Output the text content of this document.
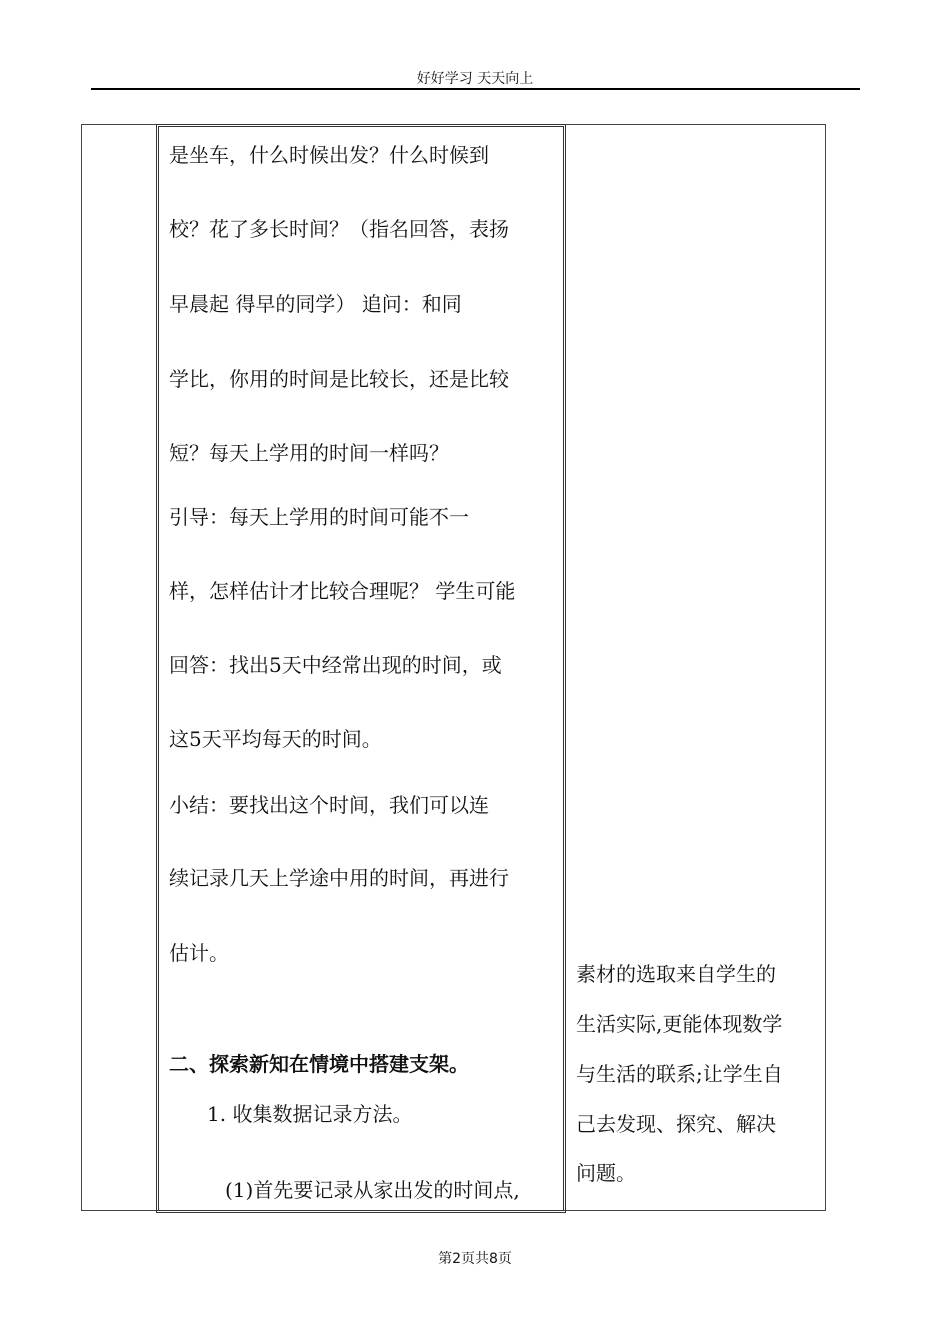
好好学习 天天向上
是坐车，什么时候出发？什么时候到
校？花了多长时间？（指名回答，表扬
早晨起 得早的同学） 追问：和同
学比，你用的时间是比较长，还是比较
短？每天上学用的时间一样吗？
引导：每天上学用的时间可能不一
样，怎样估计才比较合理呢？ 学生可能
回答：找出5天中经常出现的时间，或
这5天平均每天的时间。
小结：要找出这个时间，我们可以连
续记录几天上学途中用的时间，再进行
估计。
二、探索新知在情境中搭建支架。
1. 收集数据记录方法。
(1)首先要记录从家出发的时间点,
素材的选取来自学生的
生活实际,更能体现数学
与生活的联系;让学生自
己去发现、探究、解决
问题。
第2页共8页
